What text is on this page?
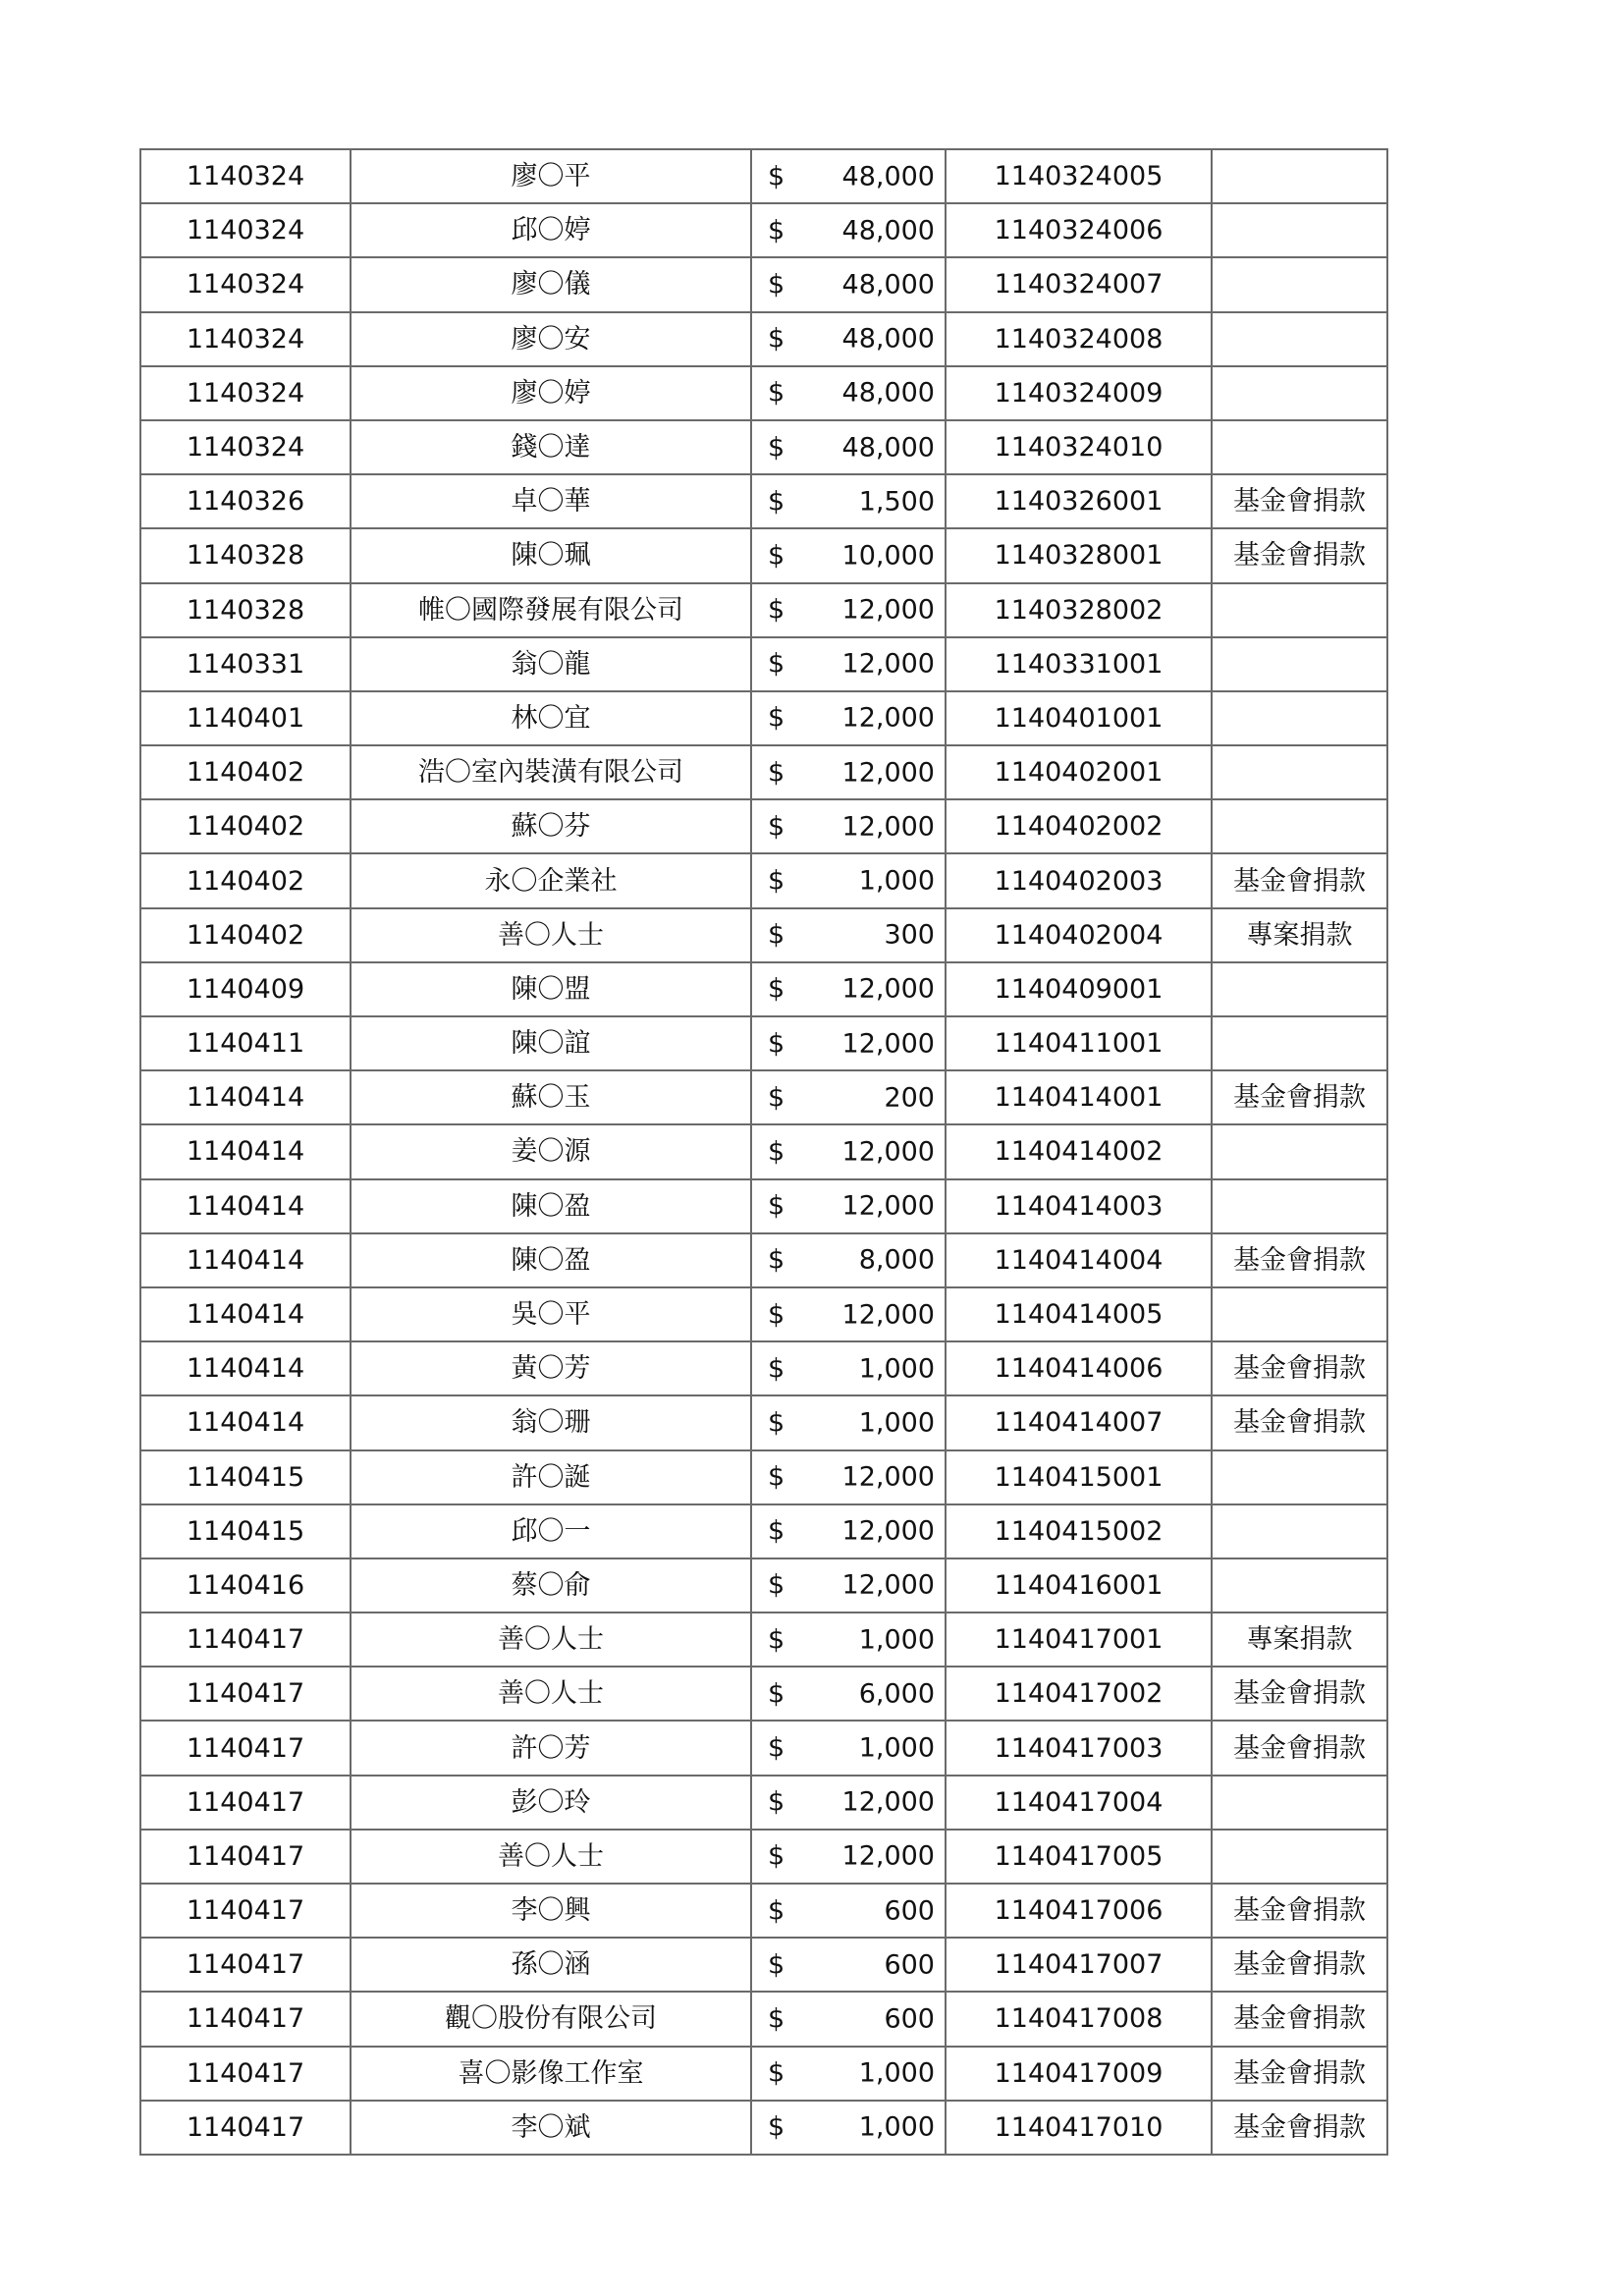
1140324	廖〇平	$ 48,000	1140324005	
1140324	邱〇婷	$ 48,000	1140324006	
1140324	廖〇儀	$ 48,000	1140324007	
1140324	廖〇安	$ 48,000	1140324008	
1140324	廖〇婷	$ 48,000	1140324009	
1140324	錢〇達	$ 48,000	1140324010	
1140326	卓〇華	$ 1,500	1140326001	基金會捐款
1140328	陳〇珮	$ 10,000	1140328001	基金會捐款
1140328	帷〇國際發展有限公司	$ 12,000	1140328002	
1140331	翁〇龍	$ 12,000	1140331001	
1140401	林〇宜	$ 12,000	1140401001	
1140402	浩〇室內裝潢有限公司	$ 12,000	1140402001	
1140402	蘇〇芬	$ 12,000	1140402002	
1140402	永〇企業社	$ 1,000	1140402003	基金會捐款
1140402	善〇人士	$ 300	1140402004	專案捐款
1140409	陳〇盟	$ 12,000	1140409001	
1140411	陳〇誼	$ 12,000	1140411001	
1140414	蘇〇玉	$ 200	1140414001	基金會捐款
1140414	姜〇源	$ 12,000	1140414002	
1140414	陳〇盈	$ 12,000	1140414003	
1140414	陳〇盈	$ 8,000	1140414004	基金會捐款
1140414	吳〇平	$ 12,000	1140414005	
1140414	黃〇芳	$ 1,000	1140414006	基金會捐款
1140414	翁〇珊	$ 1,000	1140414007	基金會捐款
1140415	許〇誕	$ 12,000	1140415001	
1140415	邱〇一	$ 12,000	1140415002	
1140416	蔡〇俞	$ 12,000	1140416001	
1140417	善〇人士	$ 1,000	1140417001	專案捐款
1140417	善〇人士	$ 6,000	1140417002	基金會捐款
1140417	許〇芳	$ 1,000	1140417003	基金會捐款
1140417	彭〇玲	$ 12,000	1140417004	
1140417	善〇人士	$ 12,000	1140417005	
1140417	李〇興	$ 600	1140417006	基金會捐款
1140417	孫〇涵	$ 600	1140417007	基金會捐款
1140417	觀〇股份有限公司	$ 600	1140417008	基金會捐款
1140417	喜〇影像工作室	$ 1,000	1140417009	基金會捐款
1140417	李〇斌	$ 1,000	1140417010	基金會捐款
